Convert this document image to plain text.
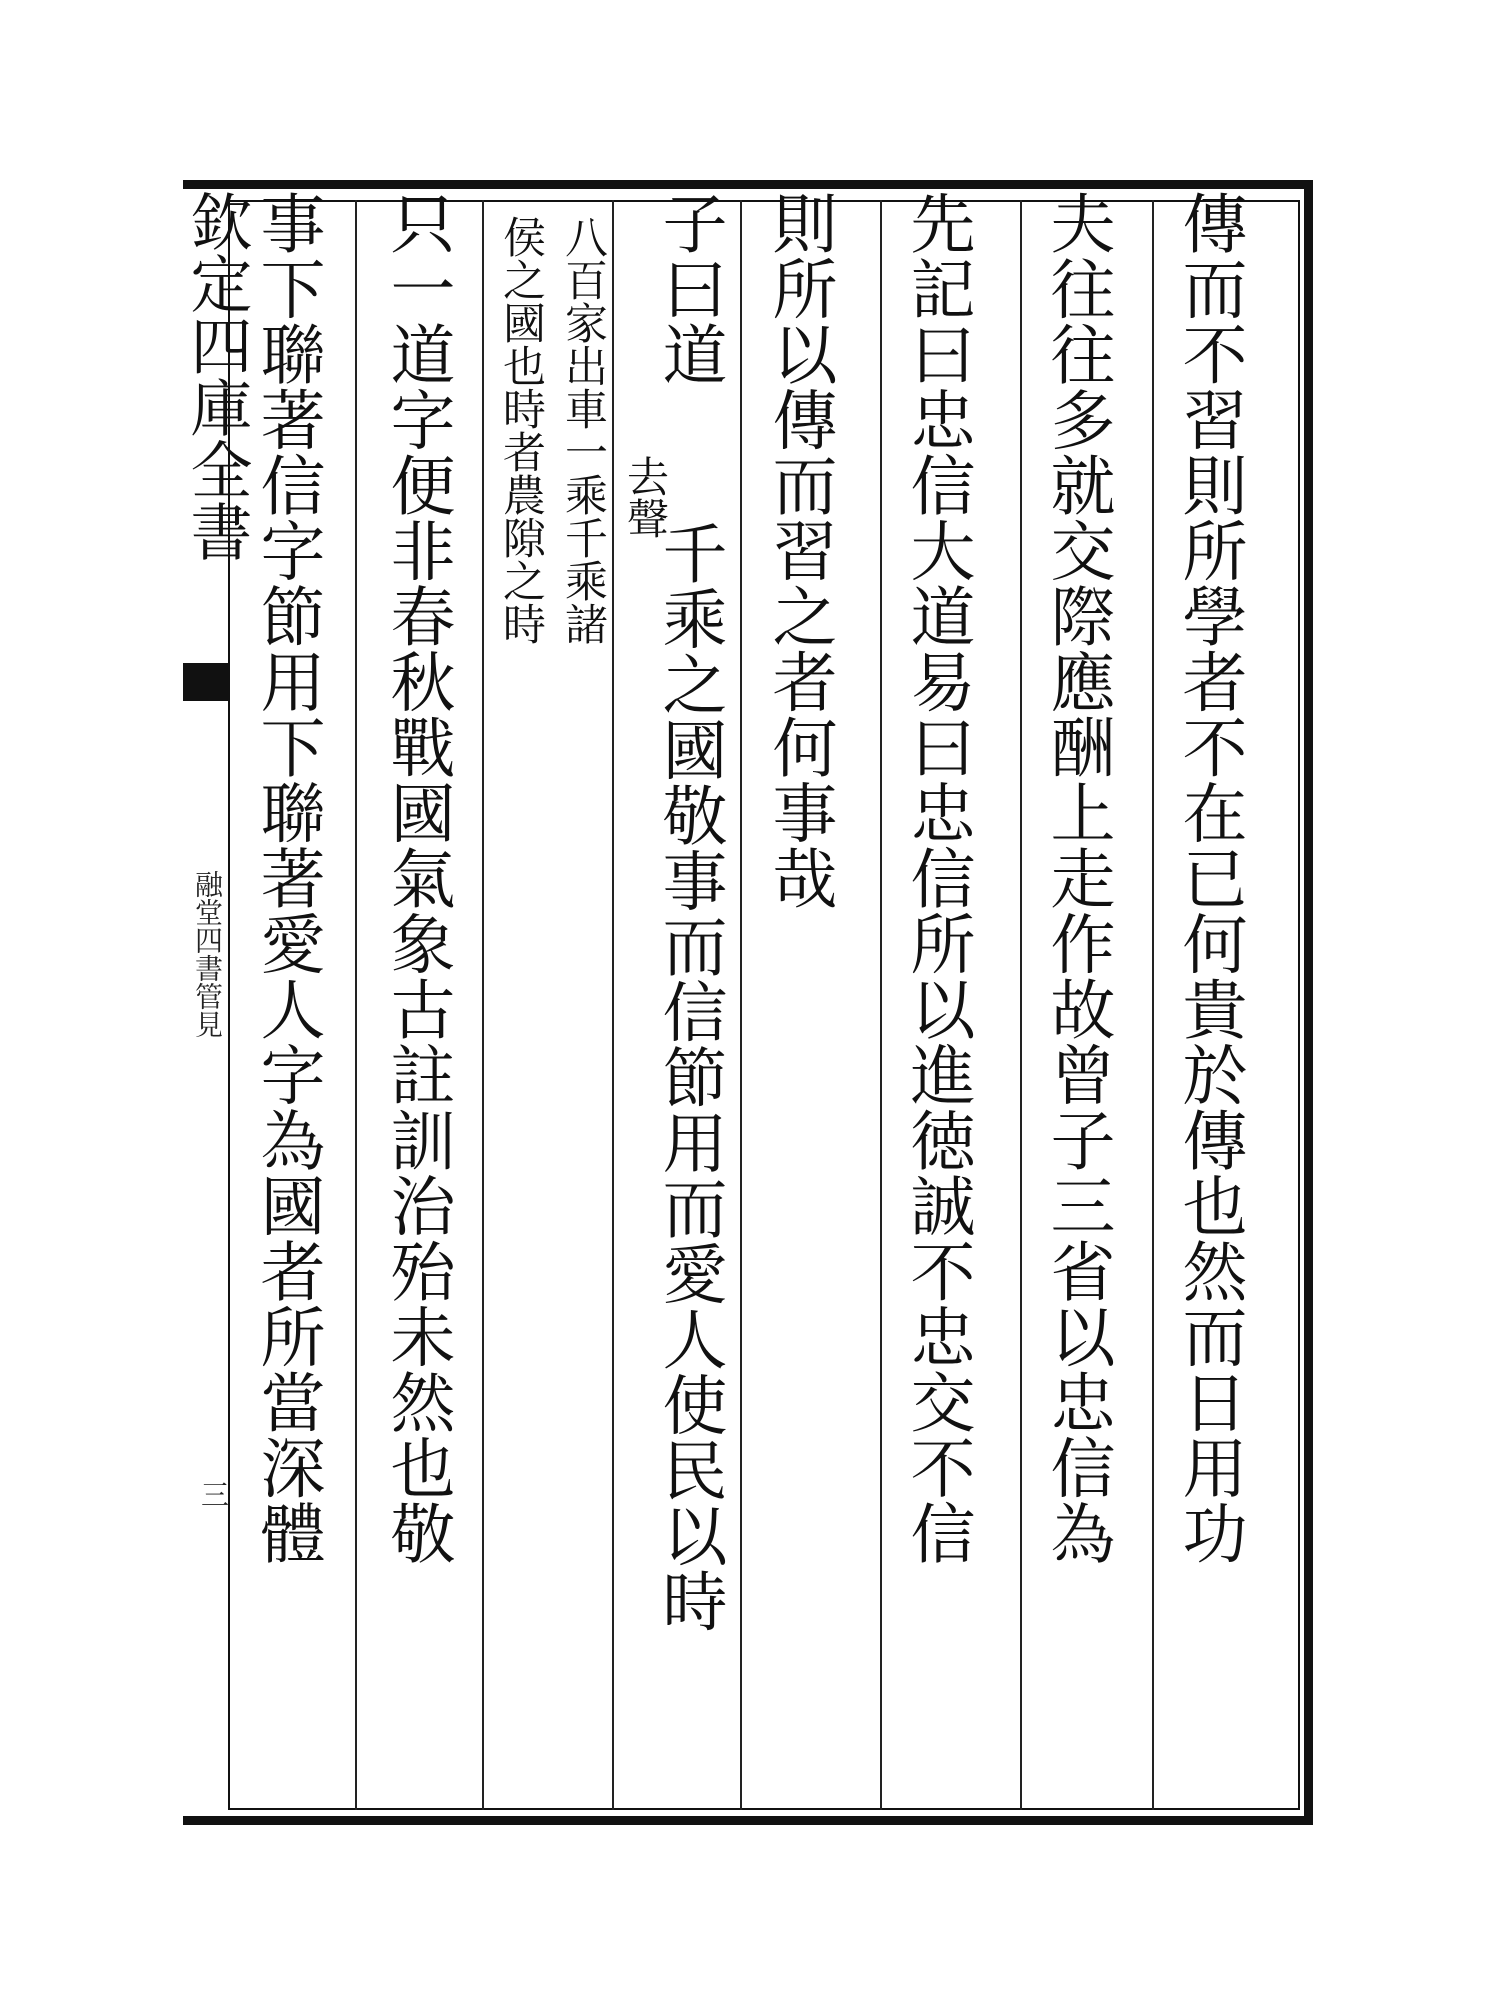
欽定四庫全書
融堂四書管見
三	傳而不習則所學者不在已何貴於傳也然而日用功
夫往往多就交際應酬上走作故曾子三省以忠信為
先記曰忠信大道易曰忠信所以進徳誠不忠交不信
則所以傳而習之者何事哉
子曰道
去聲
千乘之國敬事而信節用而愛人使民以時
八百家出車一乘千乘諸
侯之國也時者農隙之時
只一道字便非春秋戰國氣象古註訓治殆未然也敬
事下聯著信字節用下聯著愛人字為國者所當深體
